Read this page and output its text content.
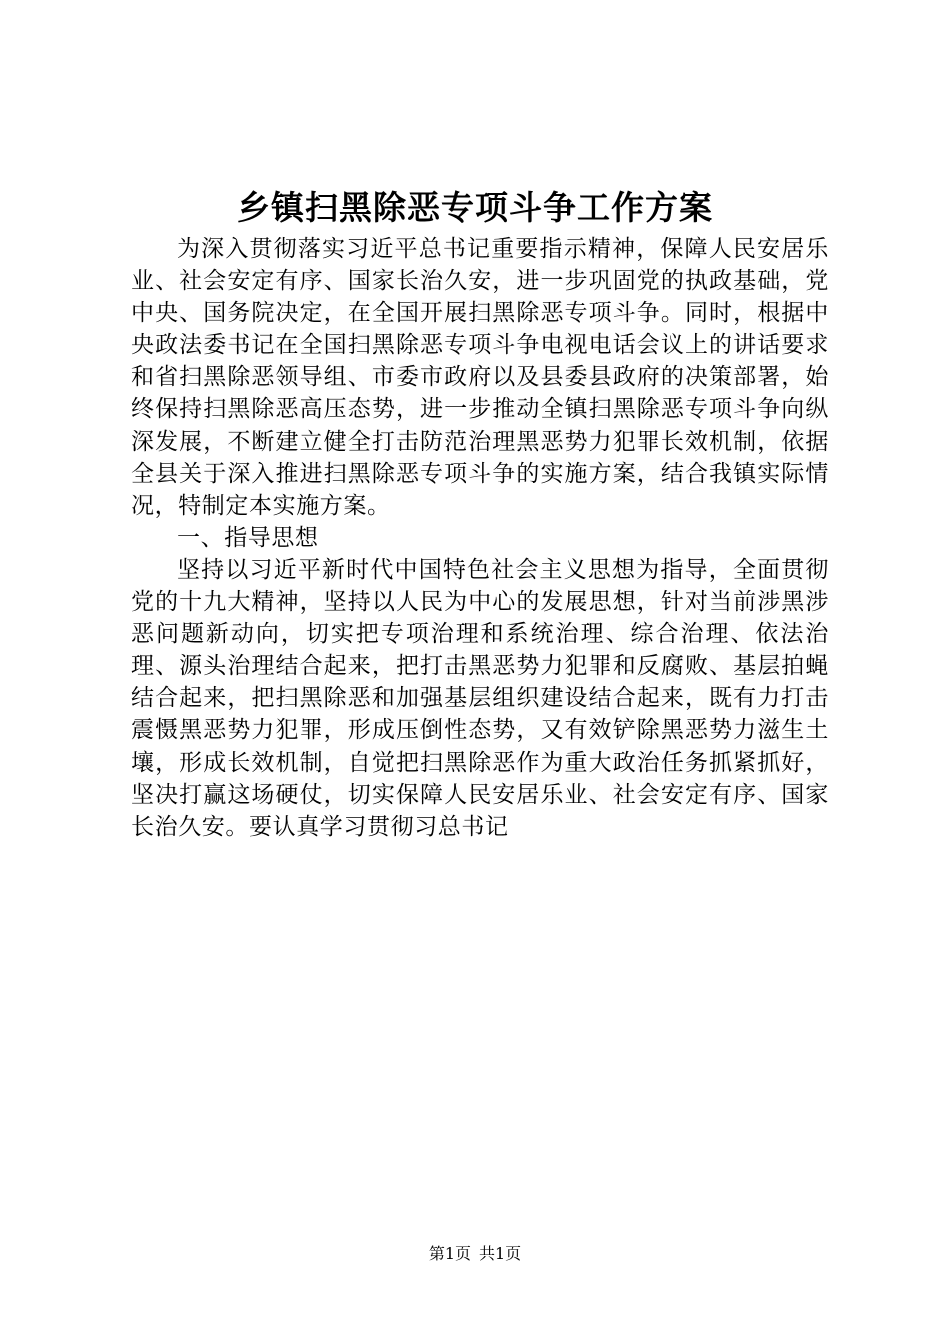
乡镇扫黑除恶专项斗争工作方案

为深入贯彻落实习近平总书记重要指示精神，保障人民安居乐业、社会安定有序、国家长治久安，进一步巩固党的执政基础，党中央、国务院决定，在全国开展扫黑除恶专项斗争。同时，根据中央政法委书记在全国扫黑除恶专项斗争电视电话会议上的讲话要求和省扫黑除恶领导组、市委市政府以及县委县政府的决策部署，始终保持扫黑除恶高压态势，进一步推动全镇扫黑除恶专项斗争向纵深发展，不断建立健全打击防范治理黑恶势力犯罪长效机制，依据全县关于深入推进扫黑除恶专项斗争的实施方案，结合我镇实际情况，特制定本实施方案。

一、指导思想

坚持以习近平新时代中国特色社会主义思想为指导，全面贯彻党的十九大精神，坚持以人民为中心的发展思想，针对当前涉黑涉恶问题新动向，切实把专项治理和系统治理、综合治理、依法治理、源头治理结合起来，把打击黑恶势力犯罪和反腐败、基层拍蝇结合起来，把扫黑除恶和加强基层组织建设结合起来，既有力打击震慑黑恶势力犯罪，形成压倒性态势，又有效铲除黑恶势力滋生土壤，形成长效机制，自觉把扫黑除恶作为重大政治任务抓紧抓好，坚决打赢这场硬仗，切实保障人民安居乐业、社会安定有序、国家长治久安。要认真学习贯彻习总书记

第1页 共1页
